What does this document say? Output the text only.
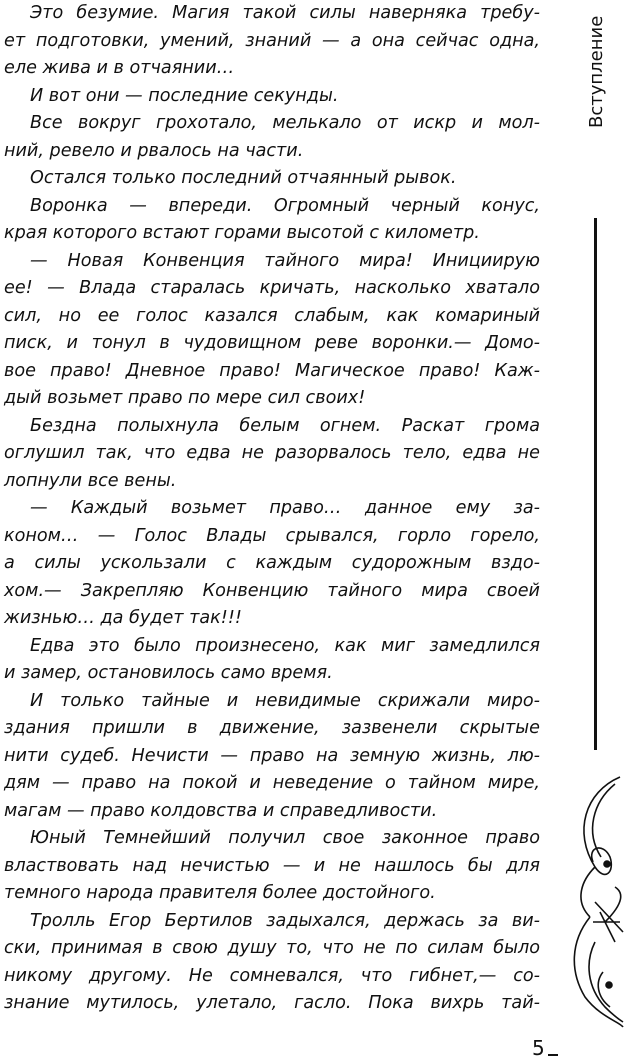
Это безумие. Магия такой силы наверняка требу-
ет подготовки, умений, знаний — а она сейчас одна,
еле жива и в отчаянии…
И вот они — последние секунды.
Все вокруг грохотало, мелькало от искр и мол-
ний, ревело и рвалось на части.
Остался только последний отчаянный рывок.
Воронка — впереди. Огромный черный конус,
края которого встают горами высотой с километр.
— Новая Конвенция тайного мира! Инициирую
ее! — Влада старалась кричать, насколько хватало
сил, но ее голос казался слабым, как комариный
писк, и тонул в чудовищном реве воронки.— Домо-
вое право! Дневное право! Магическое право! Каж-
дый возьмет право по мере сил своих!
Бездна полыхнула белым огнем. Раскат грома
оглушил так, что едва не разорвалось тело, едва не
лопнули все вены.
— Каждый возьмет право… данное ему за-
коном… — Голос Влады срывался, горло горело,
а силы ускользали с каждым судорожным вздо-
хом.— Закрепляю Конвенцию тайного мира своей
жизнью… да будет так!!!
Едва это было произнесено, как миг замедлился
и замер, остановилось само время.
И только тайные и невидимые скрижали миро-
здания пришли в движение, зазвенели скрытые
нити судеб. Нечисти — право на земную жизнь, лю-
дям — право на покой и неведение о тайном мире,
магам — право колдовства и справедливости.
Юный Темнейший получил свое законное право
властвовать над нечистью — и не нашлось бы для
темного народа правителя более достойного.
Тролль Егор Бертилов задыхался, держась за ви-
ски, принимая в свою душу то, что не по силам было
никому другому. Не сомневался, что гибнет,— со-
знание мутилось, улетало, гасло. Пока вихрь тай-
Вступление
5
